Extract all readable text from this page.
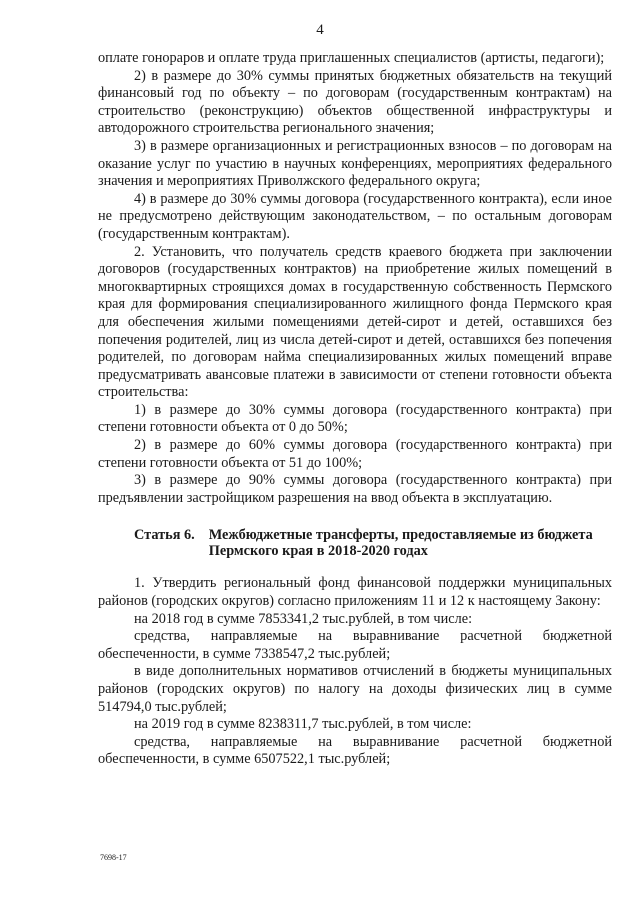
4

оплате гонораров и оплате труда приглашенных специалистов (артисты, педагоги);

2) в размере до 30% суммы принятых бюджетных обязательств на текущий финансовый год по объекту – по договорам (государственным контрактам) на строительство (реконструкцию) объектов общественной инфраструктуры и автодорожного строительства регионального значения;

3) в размере организационных и регистрационных взносов – по договорам на оказание услуг по участию в научных конференциях, мероприятиях федерального значения и мероприятиях Приволжского федерального округа;

4) в размере до 30% суммы договора (государственного контракта), если иное не предусмотрено действующим законодательством, – по остальным договорам (государственным контрактам).

2. Установить, что получатель средств краевого бюджета при заключении договоров (государственных контрактов) на приобретение жилых помещений в многоквартирных строящихся домах в государственную собственность Пермского края для формирования специализированного жилищного фонда Пермского края для обеспечения жилыми помещениями детей-сирот и детей, оставшихся без попечения родителей, лиц из числа детей-сирот и детей, оставшихся без попечения родителей, по договорам найма специализированных жилых помещений вправе предусматривать авансовые платежи в зависимости от степени готовности объекта строительства:

1) в размере до 30% суммы договора (государственного контракта) при степени готовности объекта от 0 до 50%;

2) в размере до 60% суммы договора (государственного контракта) при степени готовности объекта от 51 до 100%;

3) в размере до 90% суммы договора (государственного контракта) при предъявлении застройщиком разрешения на ввод объекта в эксплуатацию.

Статья 6. Межбюджетные трансферты, предоставляемые из бюджета Пермского края в 2018-2020 годах

1. Утвердить региональный фонд финансовой поддержки муниципальных районов (городских округов) согласно приложениям 11 и 12 к настоящему Закону:

на 2018 год в сумме 7853341,2 тыс.рублей, в том числе:

средства, направляемые на выравнивание расчетной бюджетной обеспеченности, в сумме 7338547,2 тыс.рублей;

в виде дополнительных нормативов отчислений в бюджеты муниципальных районов (городских округов) по налогу на доходы физических лиц в сумме 514794,0 тыс.рублей;

на 2019 год в сумме 8238311,7 тыс.рублей, в том числе:

средства, направляемые на выравнивание расчетной бюджетной обеспеченности, в сумме 6507522,1 тыс.рублей;

7698-17
